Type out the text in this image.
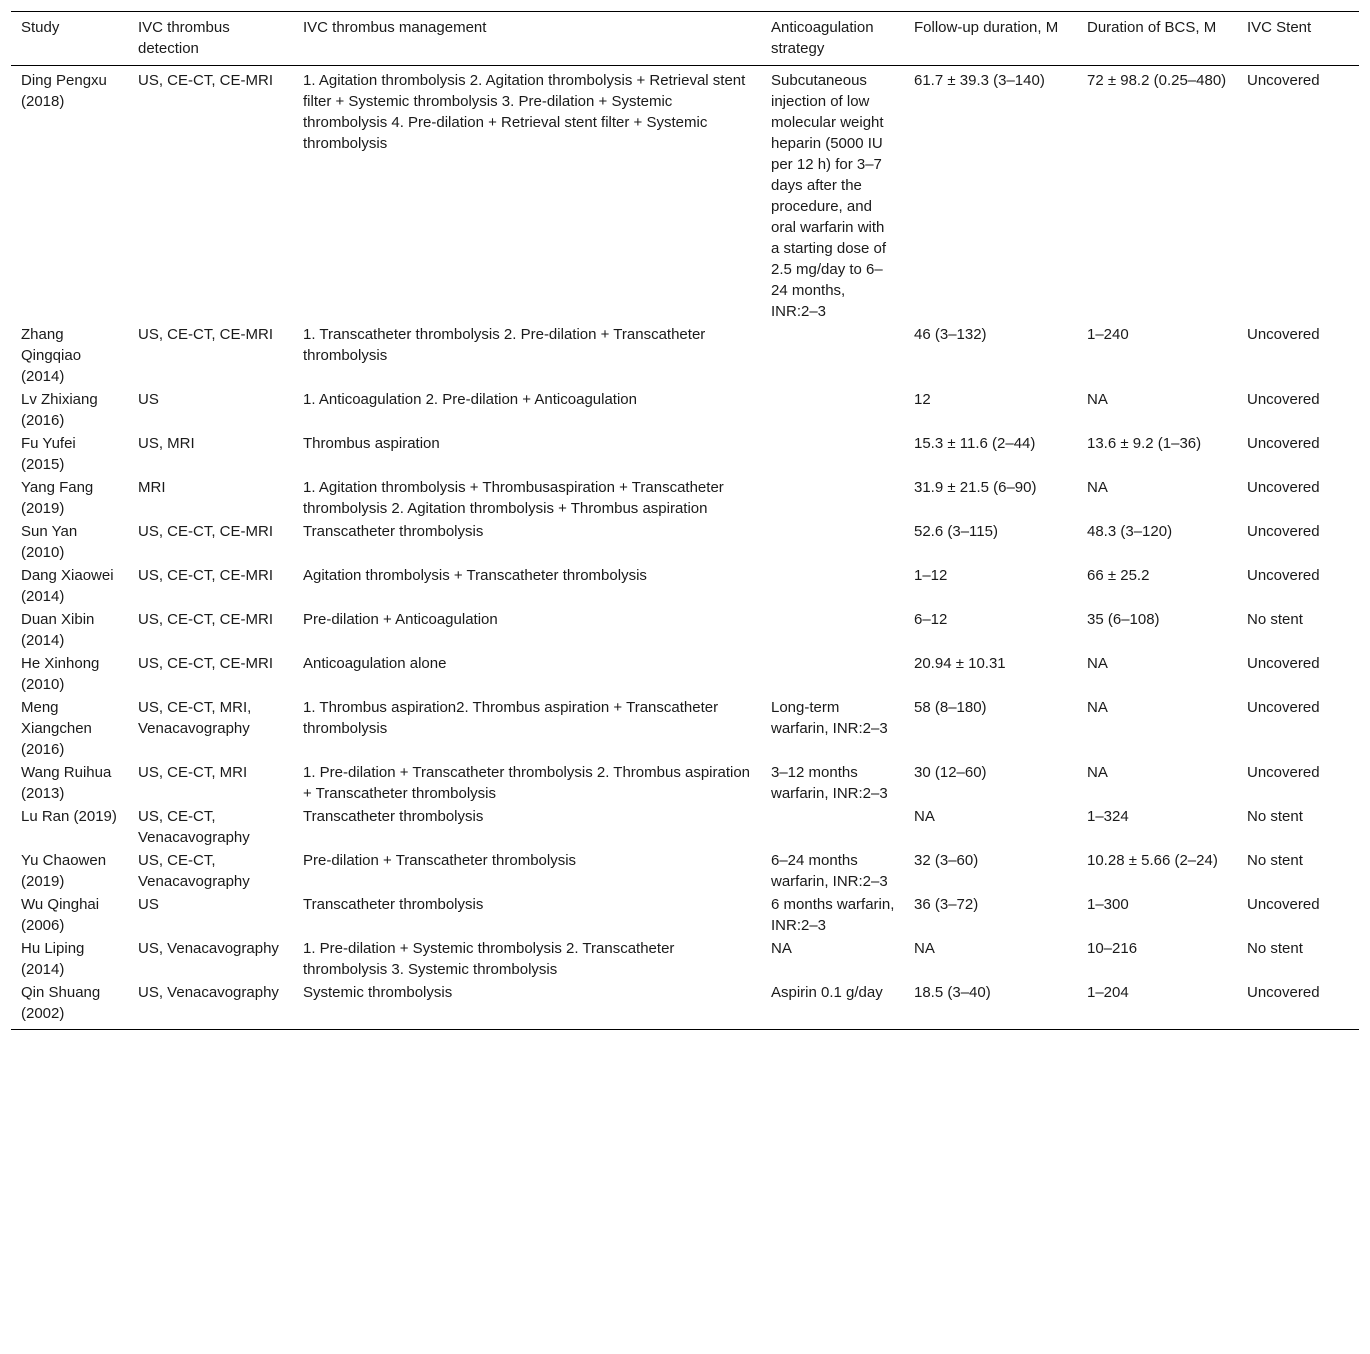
Study	IVC thrombus detection	IVC thrombus management	Anticoagulation strategy	Follow-up duration, M	Duration of BCS, M	IVC Stent
Ding Pengxu (2018)	US, CE-CT, CE-MRI	1. Agitation thrombolysis 2. Agitation thrombolysis + Retrieval stent filter + Systemic thrombolysis 3. Pre-dilation + Systemic thrombolysis 4. Pre-dilation + Retrieval stent filter + Systemic thrombolysis	Subcutaneous injection of low molecular weight heparin (5000 IU per 12 h) for 3–7 days after the procedure, and oral warfarin with a starting dose of 2.5 mg/day to 6–24 months, INR:2–3	61.7 ± 39.3 (3–140)	72 ± 98.2 (0.25–480)	Uncovered
Zhang Qingqiao (2014)	US, CE-CT, CE-MRI	1. Transcatheter thrombolysis 2. Pre-dilation + Transcatheter thrombolysis		46 (3–132)	1–240	Uncovered
Lv Zhixiang (2016)	US	1. Anticoagulation 2. Pre-dilation + Anticoagulation		12	NA	Uncovered
Fu Yufei (2015)	US, MRI	Thrombus aspiration		15.3 ± 11.6 (2–44)	13.6 ± 9.2 (1–36)	Uncovered
Yang Fang (2019)	MRI	1. Agitation thrombolysis + Thrombusaspiration + Transcatheter thrombolysis 2. Agitation thrombolysis + Thrombus aspiration		31.9 ± 21.5 (6–90)	NA	Uncovered
Sun Yan (2010)	US, CE-CT, CE-MRI	Transcatheter thrombolysis		52.6 (3–115)	48.3 (3–120)	Uncovered
Dang Xiaowei (2014)	US, CE-CT, CE-MRI	Agitation thrombolysis + Transcatheter thrombolysis		1–12	66 ± 25.2	Uncovered
Duan Xibin (2014)	US, CE-CT, CE-MRI	Pre-dilation + Anticoagulation		6–12	35 (6–108)	No stent
He Xinhong (2010)	US, CE-CT, CE-MRI	Anticoagulation alone		20.94 ± 10.31	NA	Uncovered
Meng Xiangchen (2016)	US, CE-CT, MRI, Venacavography	1. Thrombus aspiration2. Thrombus aspiration + Transcatheter thrombolysis	Long-term warfarin, INR:2–3	58 (8–180)	NA	Uncovered
Wang Ruihua (2013)	US, CE-CT, MRI	1. Pre-dilation + Transcatheter thrombolysis 2. Thrombus aspiration + Transcatheter thrombolysis	3–12 months warfarin, INR:2–3	30 (12–60)	NA	Uncovered
Lu Ran (2019)	US, CE-CT, Venacavography	Transcatheter thrombolysis		NA	1–324	No stent
Yu Chaowen (2019)	US, CE-CT, Venacavography	Pre-dilation + Transcatheter thrombolysis	6–24 months warfarin, INR:2–3	32 (3–60)	10.28 ± 5.66 (2–24)	No stent
Wu Qinghai (2006)	US	Transcatheter thrombolysis	6 months warfarin, INR:2–3	36 (3–72)	1–300	Uncovered
Hu Liping (2014)	US, Venacavography	1. Pre-dilation + Systemic thrombolysis 2. Transcatheter thrombolysis 3. Systemic thrombolysis	NA	NA	10–216	No stent
Qin Shuang (2002)	US, Venacavography	Systemic thrombolysis	Aspirin 0.1 g/day	18.5 (3–40)	1–204	Uncovered
